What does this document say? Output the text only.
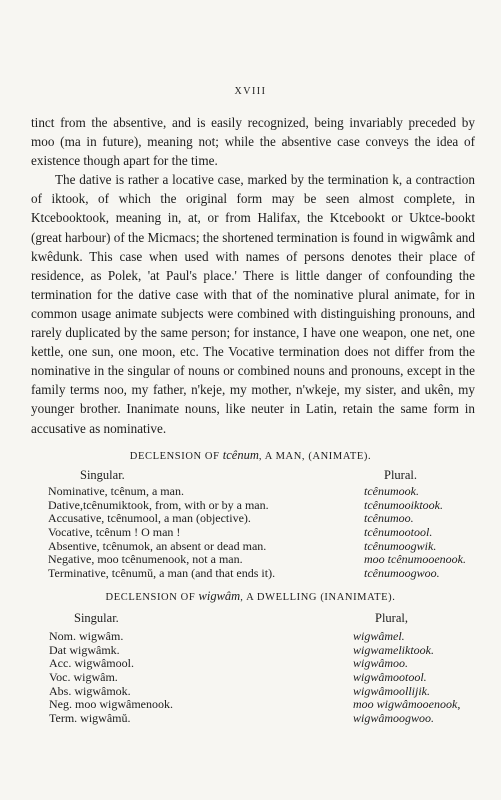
XVIII

tinct from the absentive, and is easily recognized, being invariably preceded by moo (ma in future), meaning not; while the absentive case conveys the idea of existence though apart for the time.

The dative is rather a locative case, marked by the termination k, a contraction of iktook, of which the original form may be seen almost complete, in Ktcebooktook, meaning in, at, or from Halifax, the Ktcebookt or Uktce-bookt (great harbour) of the Micmacs; the shortened termination is found in wigwâmk and kwêdunk. This case when used with names of persons denotes their place of residence, as Polek, 'at Paul's place.' There is little danger of confounding the termination for the dative case with that of the nominative plural animate, for in common usage animate subjects were combined with distinguishing pronouns, and rarely duplicated by the same person; for instance, I have one weapon, one net, one kettle, one sun, one moon, etc. The Vocative termination does not differ from the nominative in the singular of nouns or combined nouns and pronouns, except in the family terms noo, my father, n'keje, my mother, n'wkeje, my sister, and ukên, my younger brother. Inanimate nouns, like neuter in Latin, retain the same form in accusative as nominative.

DECLENSION OF tcênum, A MAN, (ANIMATE).
Singular.	Plural.
Nominative, tcênum, a man.
Dative,tcênumiktook, from, with or by a man.
Accusative, tcênumool, a man (objective).
Vocative, tcênum ! O man !
Absentive, tcênumok, an absent or dead man.
Negative, moo tcênumenook, not a man.
Terminative, tcênumŭ, a man (and that ends it).
tcênumook.
tcênumooiktook.
tcênumoo.
tcênumootool.
tcênumoogwik.
moo tcênumooenook.
tcênumoogwoo.
DECLENSION OF wigwâm, A DWELLING (INANIMATE).
Singular.	Plural,
Nom. wigwâm.
Dat wigwâmk.
Acc. wigwâmool.
Voc. wigwâm.
Abs. wigwâmok.
Neg. moo wigwâmenook.
Term. wigwâmŭ.
wigwâmel.
wigwameliktook.
wigwâmoo.
wigwâmootool.
wigwâmoollijik.
moo wigwâmooenook,
wigwâmoogwoo.
